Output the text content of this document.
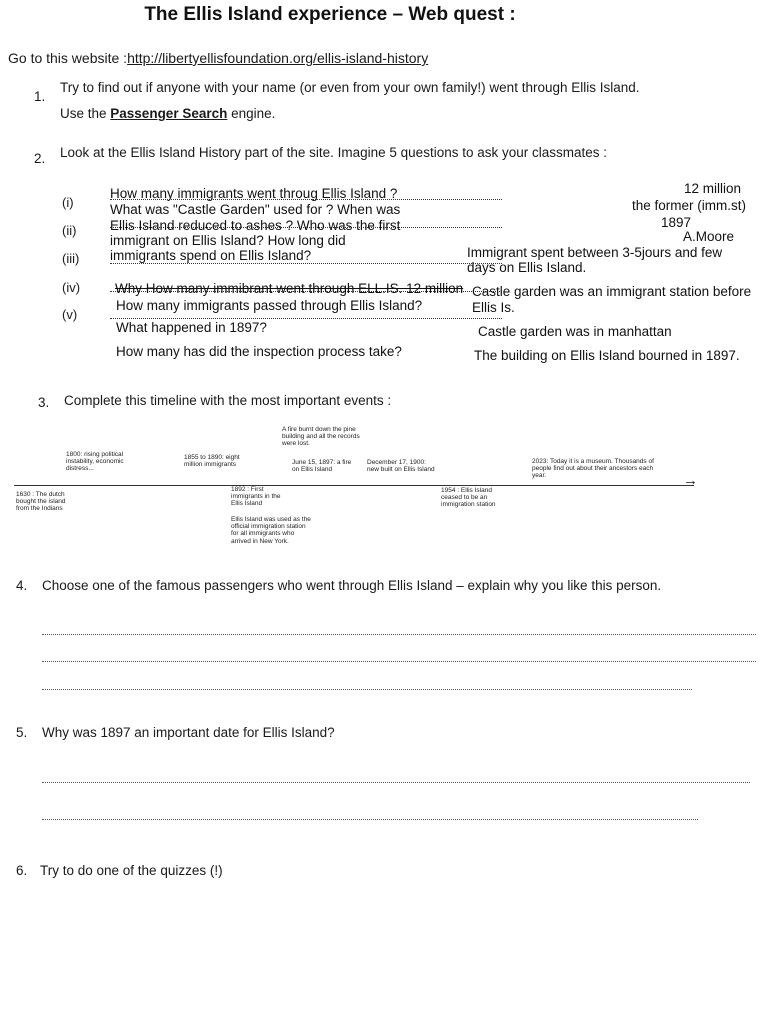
The Ellis Island experience – Web quest :
Go to this website :http://libertyellisfoundation.org/ellis-island-history
1.
Try to find out if anyone with your name (or even from your own family!) went through Ellis Island.
Use the Passenger Search engine.
2. Look at the Ellis Island History part of the site. Imagine 5 questions to ask your classmates :
(i)
(ii)
(iii)
(iv)
(v)
How many immigrants went throug Ellis Island ?
What was "Castle Garden" used for ? When was
Ellis Island reduced to ashes ? Who was the first
immigrant on Ellis Island? How long did
immigrants spend on Ellis Island?
Why How many immibrant went through ELL.IS. 12 million
How many immigrants passed through Ellis Island?
What happened in 1897?
How many has did the inspection process take?
12 million
the former (imm.st)
1897
A.Moore
Immigrant spent between 3-5jours and few
days on Ellis Island.
Castle garden was an immigrant station before
Ellis Is.
Castle garden was in manhattan
The building on Ellis Island bourned in 1897.
3. Complete this timeline with the most important events :
→
1800: rising political instability, economic distress...
1855 to 1890: eight million immigrants
A fire burnt down the pine building and all the records were lost.
June 15, 1897: a fire on Ellis Island
December 17, 1900: new built on Ellis Island
2023: Today it is a museum. Thousands of people find out about their ancestors each year.
1630 : The dutch bought the island from the Indians
1892 : First immigrants in the Ellis Island
Ellis Island was used as the official immigration station for all immigrants who arrived in New York.
1954 : Ellis Island ceased to be an immigration station
4. Choose one of the famous passengers who went through Ellis Island – explain why you like this person.
5. Why was 1897 an important date for Ellis Island?
6. Try to do one of the quizzes (!)
